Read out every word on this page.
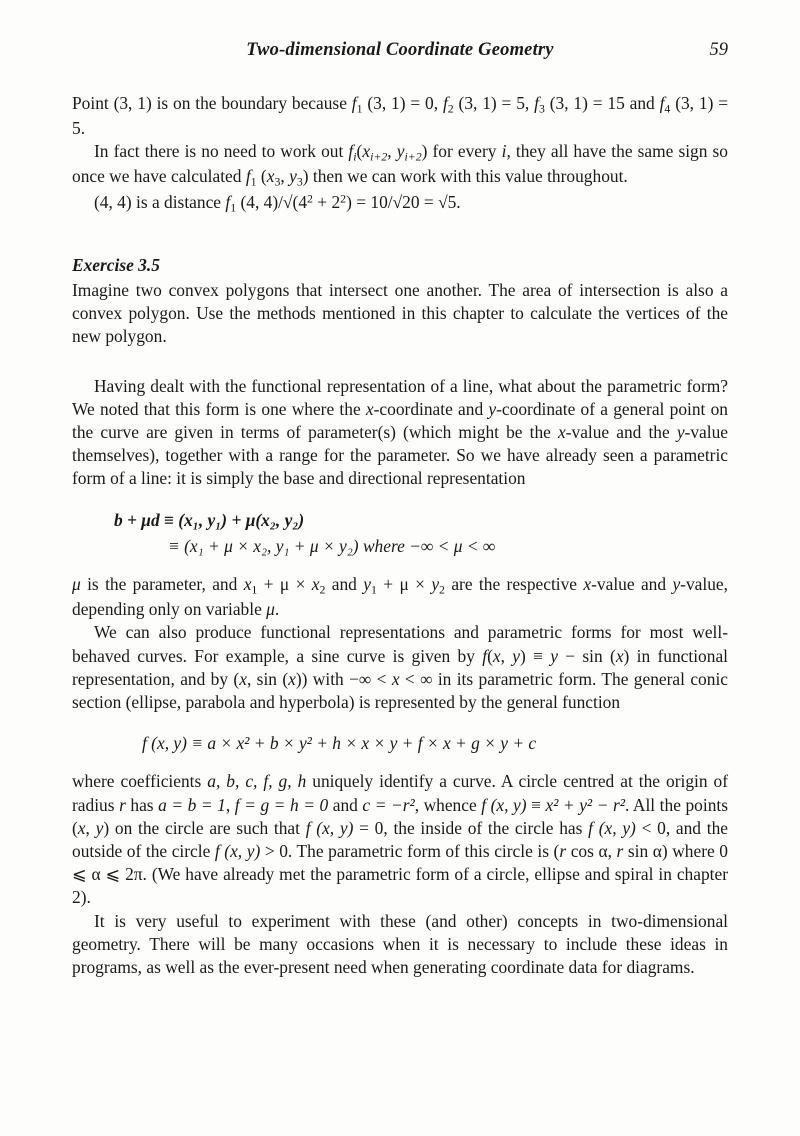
Two-dimensional Coordinate Geometry	59

Point (3, 1) is on the boundary because $f_1$ (3, 1) = 0, $f_2$ (3, 1) = 5, $f_3$ (3, 1) = 15 and $f_4$ (3, 1) = 5.

In fact there is no need to work out $f_i(x_{i+2}$, $y_{i+2}$) for every i, they all have the same sign so once we have calculated $f_1$ ($x_3$, $y_3$) then we can work with this value throughout.

(4, 4) is a distance $f_1$ (4, $4)/√(4^2 + 2^2) = 10/√20 = √5$.

Exercise 3.5

Imagine two convex polygons that intersect one another. The area of intersection is also a convex polygon. Use the methods mentioned in this chapter to calculate the vertices of the new polygon.

Having dealt with the functional representation of a line, what about the parametric form? We noted that this form is one where the x-coordinate and y-coordinate of a general point on the curve are given in terms of parameter(s) (which might be the x-value and the y-value themselves), together with a range for the parameter. So we have already seen a parametric form of a line: it is simply the base and directional representation

b + μd ≡ (x₁, y₁) + μ(x₂, y₂)
≡ (x₁ + μ × x₂, y₁ + μ × y₂) where −∞ < μ < ∞

μ is the parameter, and $x_1 + \mu \times x_2$ and $y_1 + \mu \times y_2$ are the respective x-value and y-value, depending only on variable μ.

We can also produce functional representations and parametric forms for most well-behaved curves. For example, a sine curve is given by f(x, y) ≡ y − sin (x) in functional representation, and by (x, sin (x)) with −∞ < x < ∞ in its parametric form. The general conic section (ellipse, parabola and hyperbola) is represented by the general function

f (x, y) ≡ a × x² + b × y² + h × x × y + f × x + g × y + c

where coefficients a, b, c, f, g, h uniquely identify a curve. A circle centred at the origin of radius r has a = b = 1, f = g = h = 0 and c = −r², whence f (x, y) ≡ x² + y² − r². All the points (x, y) on the circle are such that f (x, y) = 0, the inside of the circle has f (x, y) < 0, and the outside of the circle f (x, y) > 0. The parametric form of this circle is (r cos α, r sin α) where 0 ⩽ α ⩽ 2π. (We have already met the parametric form of a circle, ellipse and spiral in chapter 2).

It is very useful to experiment with these (and other) concepts in two-dimensional geometry. There will be many occasions when it is necessary to include these ideas in programs, as well as the ever-present need when generating coordinate data for diagrams.
